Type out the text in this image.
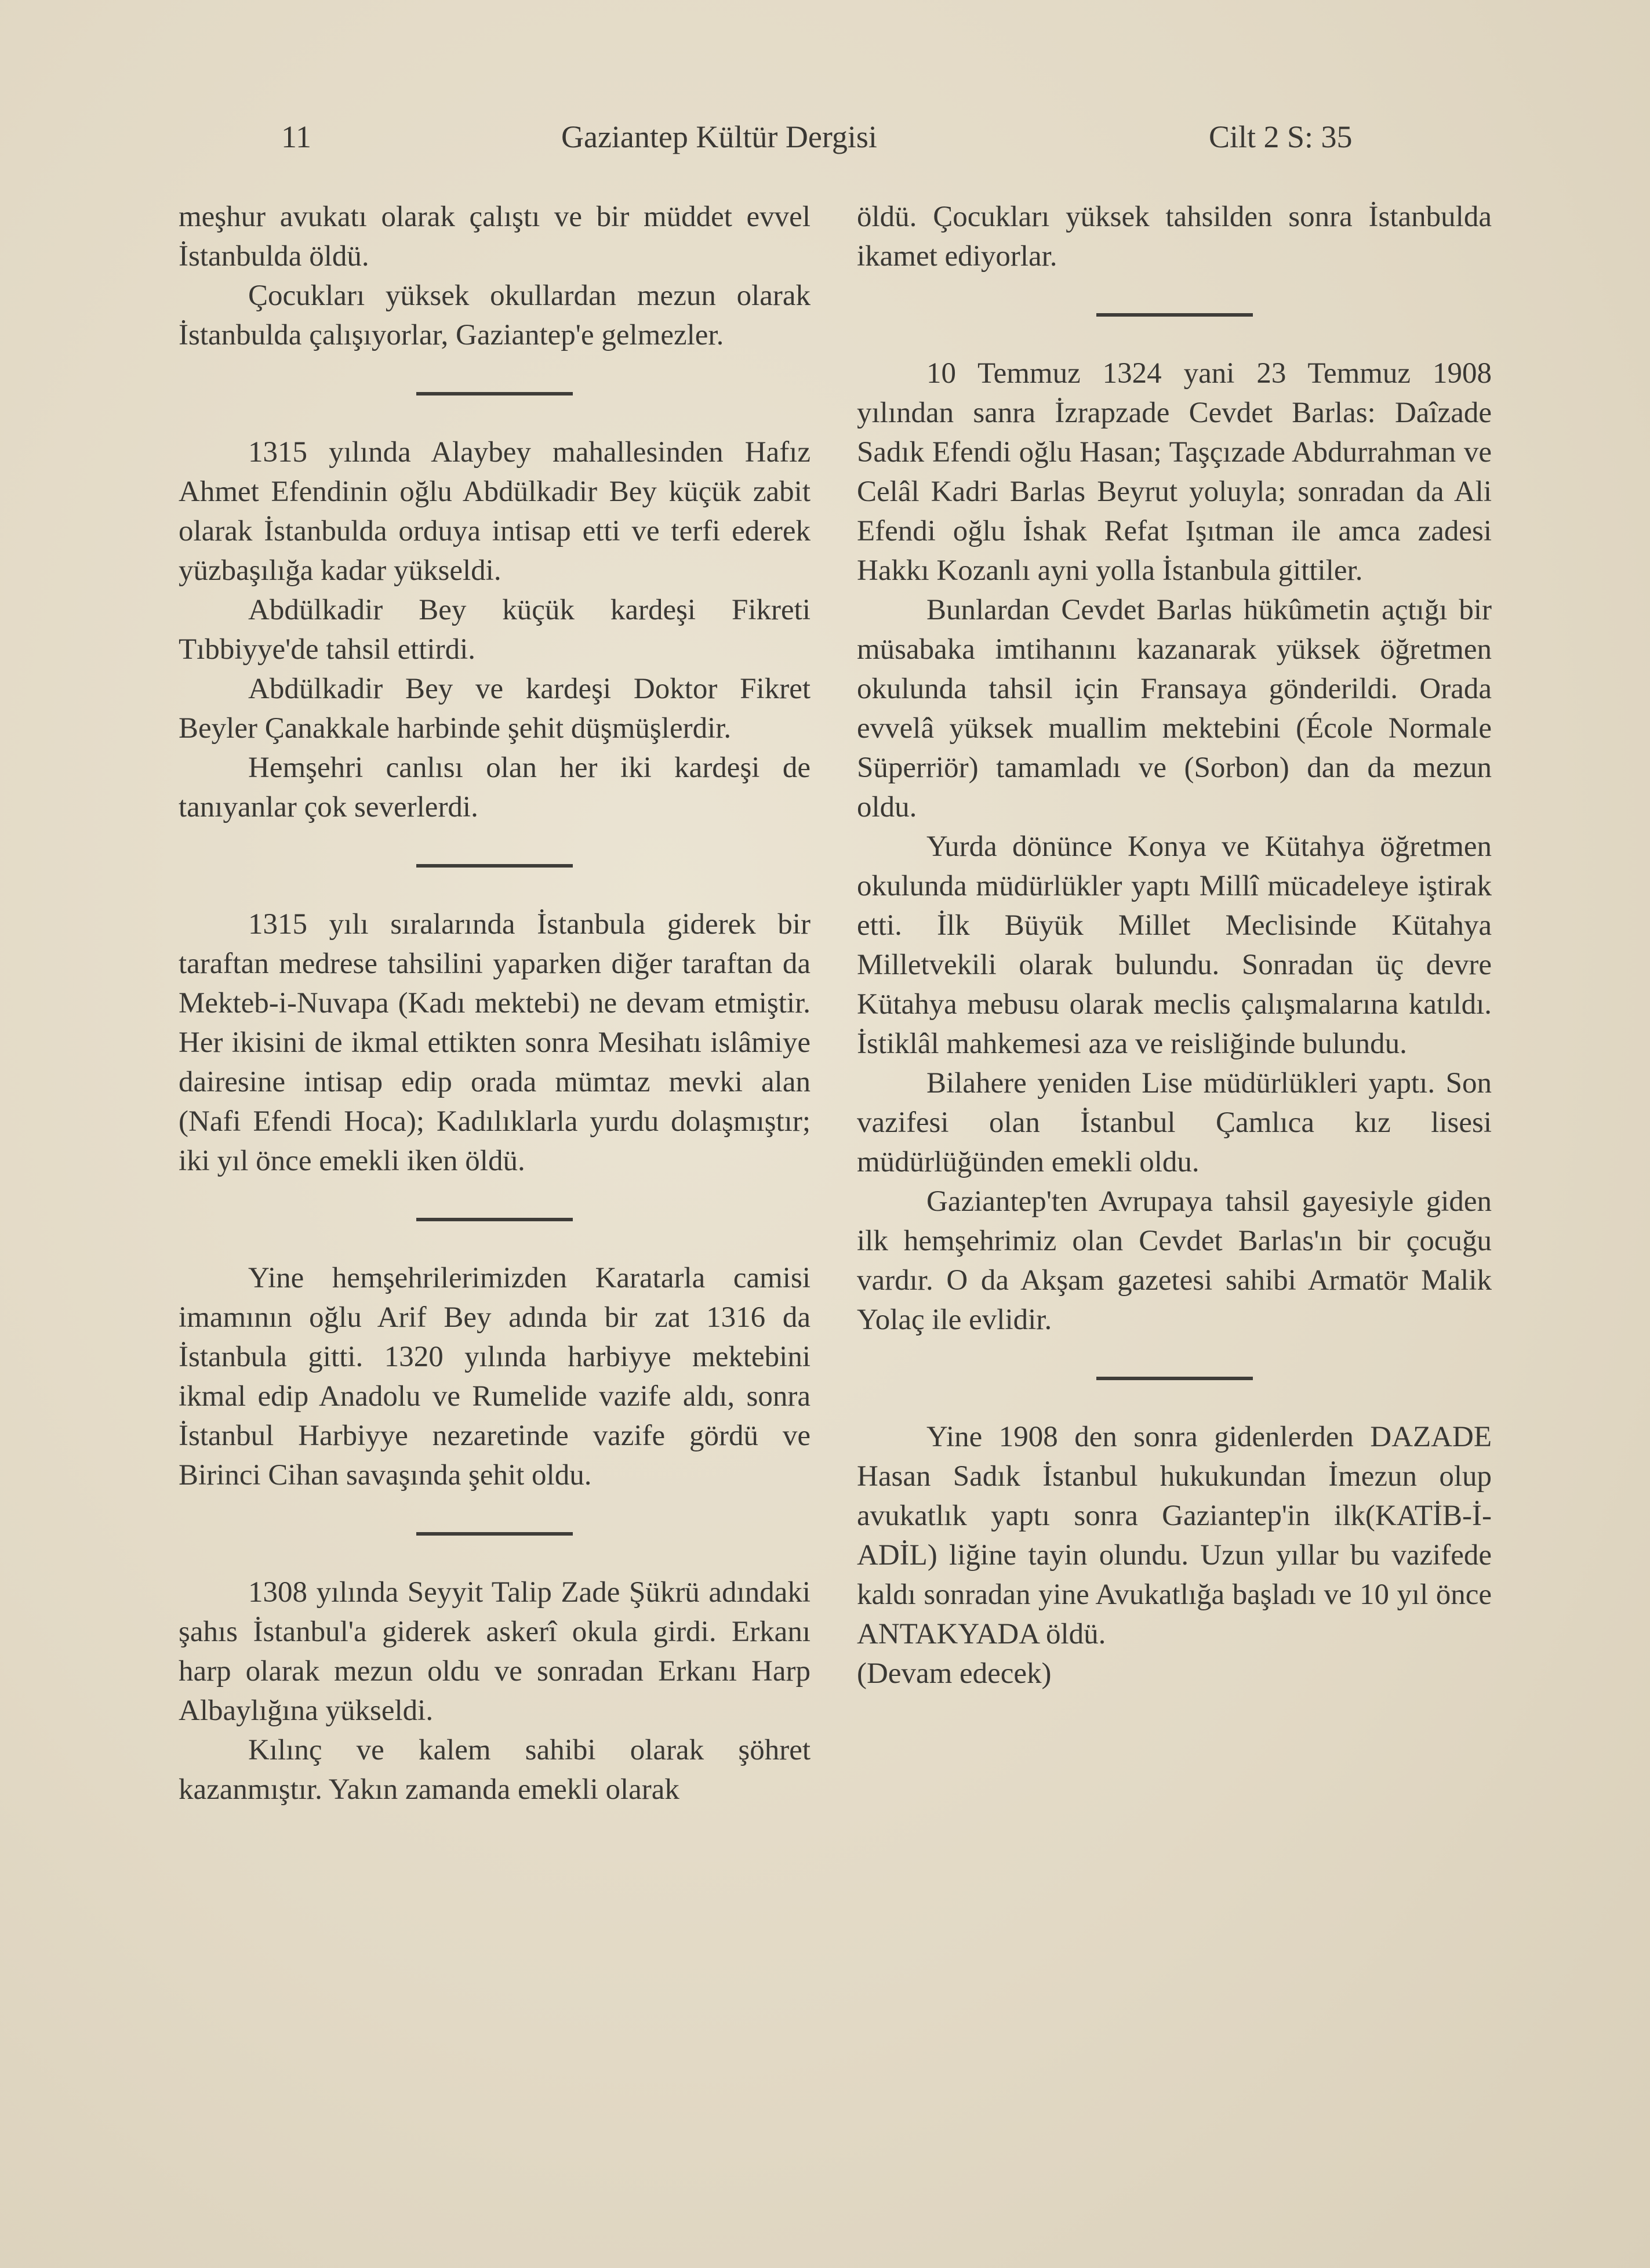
11	Gaziantep Kültür Dergisi	Cilt 2 S: 35

meşhur avukatı olarak çalıştı ve bir müddet evvel İstanbulda öldü.

Çocukları yüksek okullardan mezun olarak İstanbulda çalışıyorlar, Gaziantep'e gelmezler.

1315 yılında Alaybey mahallesinden Hafız Ahmet Efendinin oğlu Abdülkadir Bey küçük zabit olarak İstanbulda orduya intisap etti ve terfi ederek yüzbaşılığa kadar yükseldi.

Abdülkadir Bey küçük kardeşi Fikreti Tıbbiyye'de tahsil ettirdi.

Abdülkadir Bey ve kardeşi Doktor Fikret Beyler Çanakkale harbinde şehit düşmüşlerdir.

Hemşehri canlısı olan her iki kardeşi de tanıyanlar çok severlerdi.

1315 yılı sıralarında İstanbula giderek bir taraftan medrese tahsilini yaparken diğer taraftan da Mekteb-i-Nuvapa (Kadı mektebi) ne devam etmiştir. Her ikisini de ikmal ettikten sonra Mesihatı islâmiye dairesine intisap edip orada mümtaz mevki alan (Nafi Efendi Hoca); Kadılıklarla yurdu dolaşmıştır; iki yıl önce emekli iken öldü.

Yine hemşehrilerimizden Karatarla camisi imamının oğlu Arif Bey adında bir zat 1316 da İstanbula gitti. 1320 yılında harbiyye mektebini ikmal edip Anadolu ve Rumelide vazife aldı, sonra İstanbul Harbiyye nezaretinde vazife gördü ve Birinci Cihan savaşında şehit oldu.

1308 yılında Seyyit Talip Zade Şükrü adındaki şahıs İstanbul'a giderek askerî okula girdi. Erkanı harp olarak mezun oldu ve sonradan Erkanı Harp Albaylığına yükseldi.

Kılınç ve kalem sahibi olarak şöhret kazanmıştır. Yakın zamanda emekli olarak

öldü. Çocukları yüksek tahsilden sonra İstanbulda ikamet ediyorlar.

10 Temmuz 1324 yani 23 Temmuz 1908 yılından sanra İzrapzade Cevdet Barlas: Daîzade Sadık Efendi oğlu Hasan; Taşçızade Abdurrahman ve Celâl Kadri Barlas Beyrut yoluyla; sonradan da Ali Efendi oğlu İshak Refat Işıtman ile amca zadesi Hakkı Kozanlı ayni yolla İstanbula gittiler.

Bunlardan Cevdet Barlas hükûmetin açtığı bir müsabaka imtihanını kazanarak yüksek öğretmen okulunda tahsil için Fransaya gönderildi. Orada evvelâ yüksek muallim mektebini (École Normale Süperriör) tamamladı ve (Sorbon) dan da mezun oldu.

Yurda dönünce Konya ve Kütahya öğretmen okulunda müdürlükler yaptı Millî mücadeleye iştirak etti. İlk Büyük Millet Meclisinde Kütahya Milletvekili olarak bulundu. Sonradan üç devre Kütahya mebusu olarak meclis çalışmalarına katıldı. İstiklâl mahkemesi aza ve reisliğinde bulundu.

Bilahere yeniden Lise müdürlükleri yaptı. Son vazifesi olan İstanbul Çamlıca kız lisesi müdürlüğünden emekli oldu.

Gaziantep'ten Avrupaya tahsil gayesiyle giden ilk hemşehrimiz olan Cevdet Barlas'ın bir çocuğu vardır. O da Akşam gazetesi sahibi Armatör Malik Yolaç ile evlidir.

Yine 1908 den sonra gidenlerden DAZADE Hasan Sadık İstanbul hukukundan İmezun olup avukatlık yaptı sonra Gaziantep'in ilk(KATİB-İ-ADİL) liğine tayin olundu. Uzun yıllar bu vazifede kaldı sonradan yine Avukatlığa başladı ve 10 yıl önce ANTAKYADA öldü.

(Devam edecek)
